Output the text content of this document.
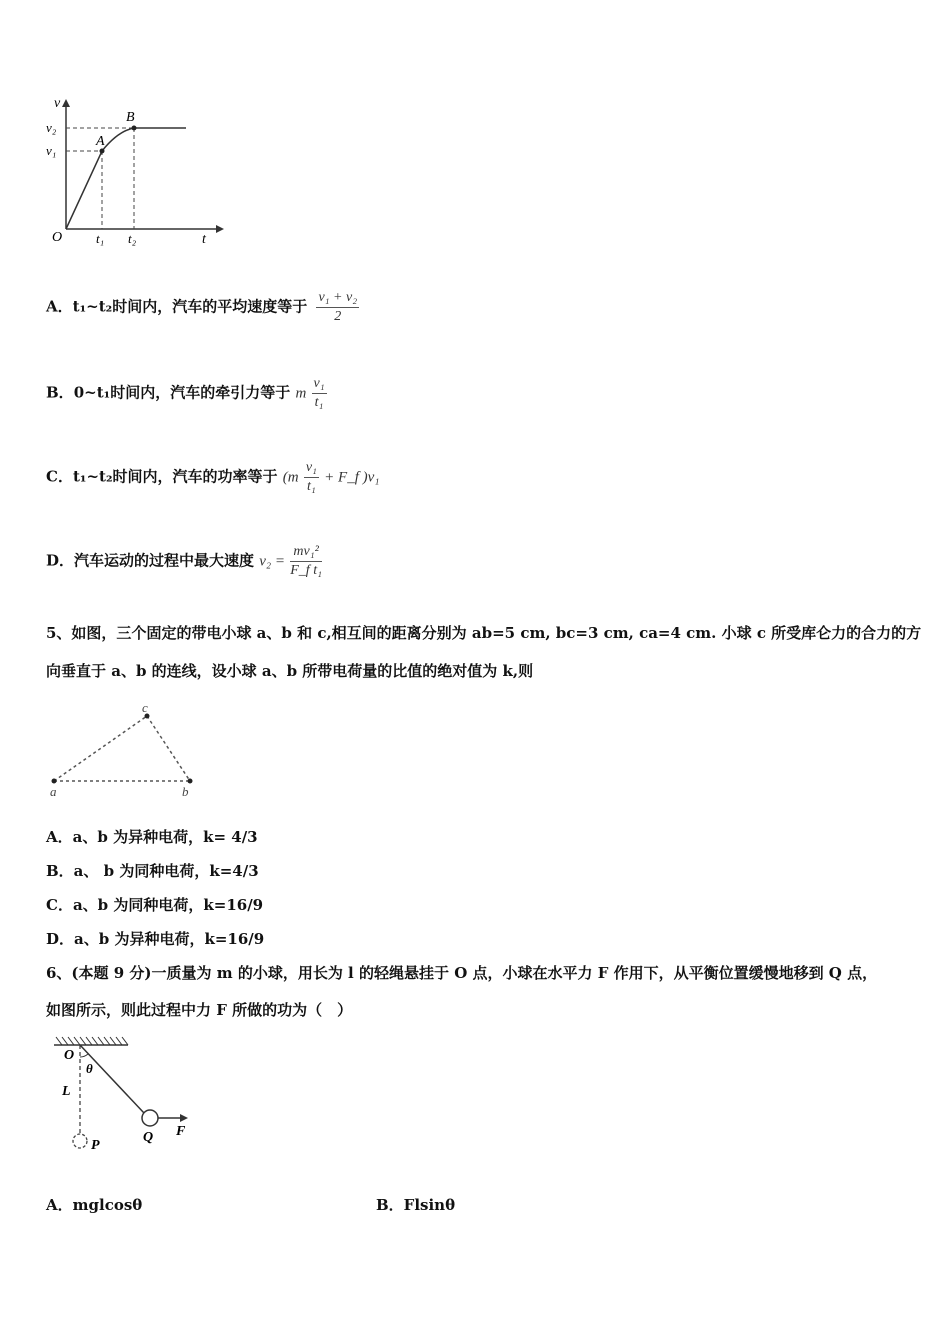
v
v₂
v₁
A
B
O	t₁ t₂	t
A．t₁~t₂时间内，汽车的平均速度等于 $\frac{\text{v₁ + v₂}}{2}$
B．0~t₁时间内，汽车的牵引力等于 m $\frac{\text{v₁}}{\text{t₁}}$
C．t₁~t₂时间内，汽车的功率等于 ($m \frac{\text{v₁}}{\text{t₁}}$ + F_f )v₁
D．汽车运动的过程中最大速度 $v_2 = \frac{\text{mv₁²}}{\text{F\_f t₁}}$
5、如图，三个固定的带电小球 a、b 和 c,相互间的距离分别为 ab=5 cm, bc=3 cm, ca=4 cm. 小球 c 所受库仑力的合力的方
向垂直于 a、b 的连线，设小球 a、b 所带电荷量的比值的绝对值为 k,则
a	b
c
A．a、b 为异种电荷，k= 4/3
B．a、 b 为同种电荷，k=4/3
C．a、b 为同种电荷，k=16/9
D．a、b 为异种电荷，k=16/9
6、(本题 9 分)一质量为 m 的小球，用长为 l 的轻绳悬挂于 O 点，小球在水平力 F 作用下，从平衡位置缓慢地移到 Q 点，
如图所示，则此过程中力 F 所做的功为（　）
O
θ
L
P
Q F
A．mglcosθ	B．Flsinθ
